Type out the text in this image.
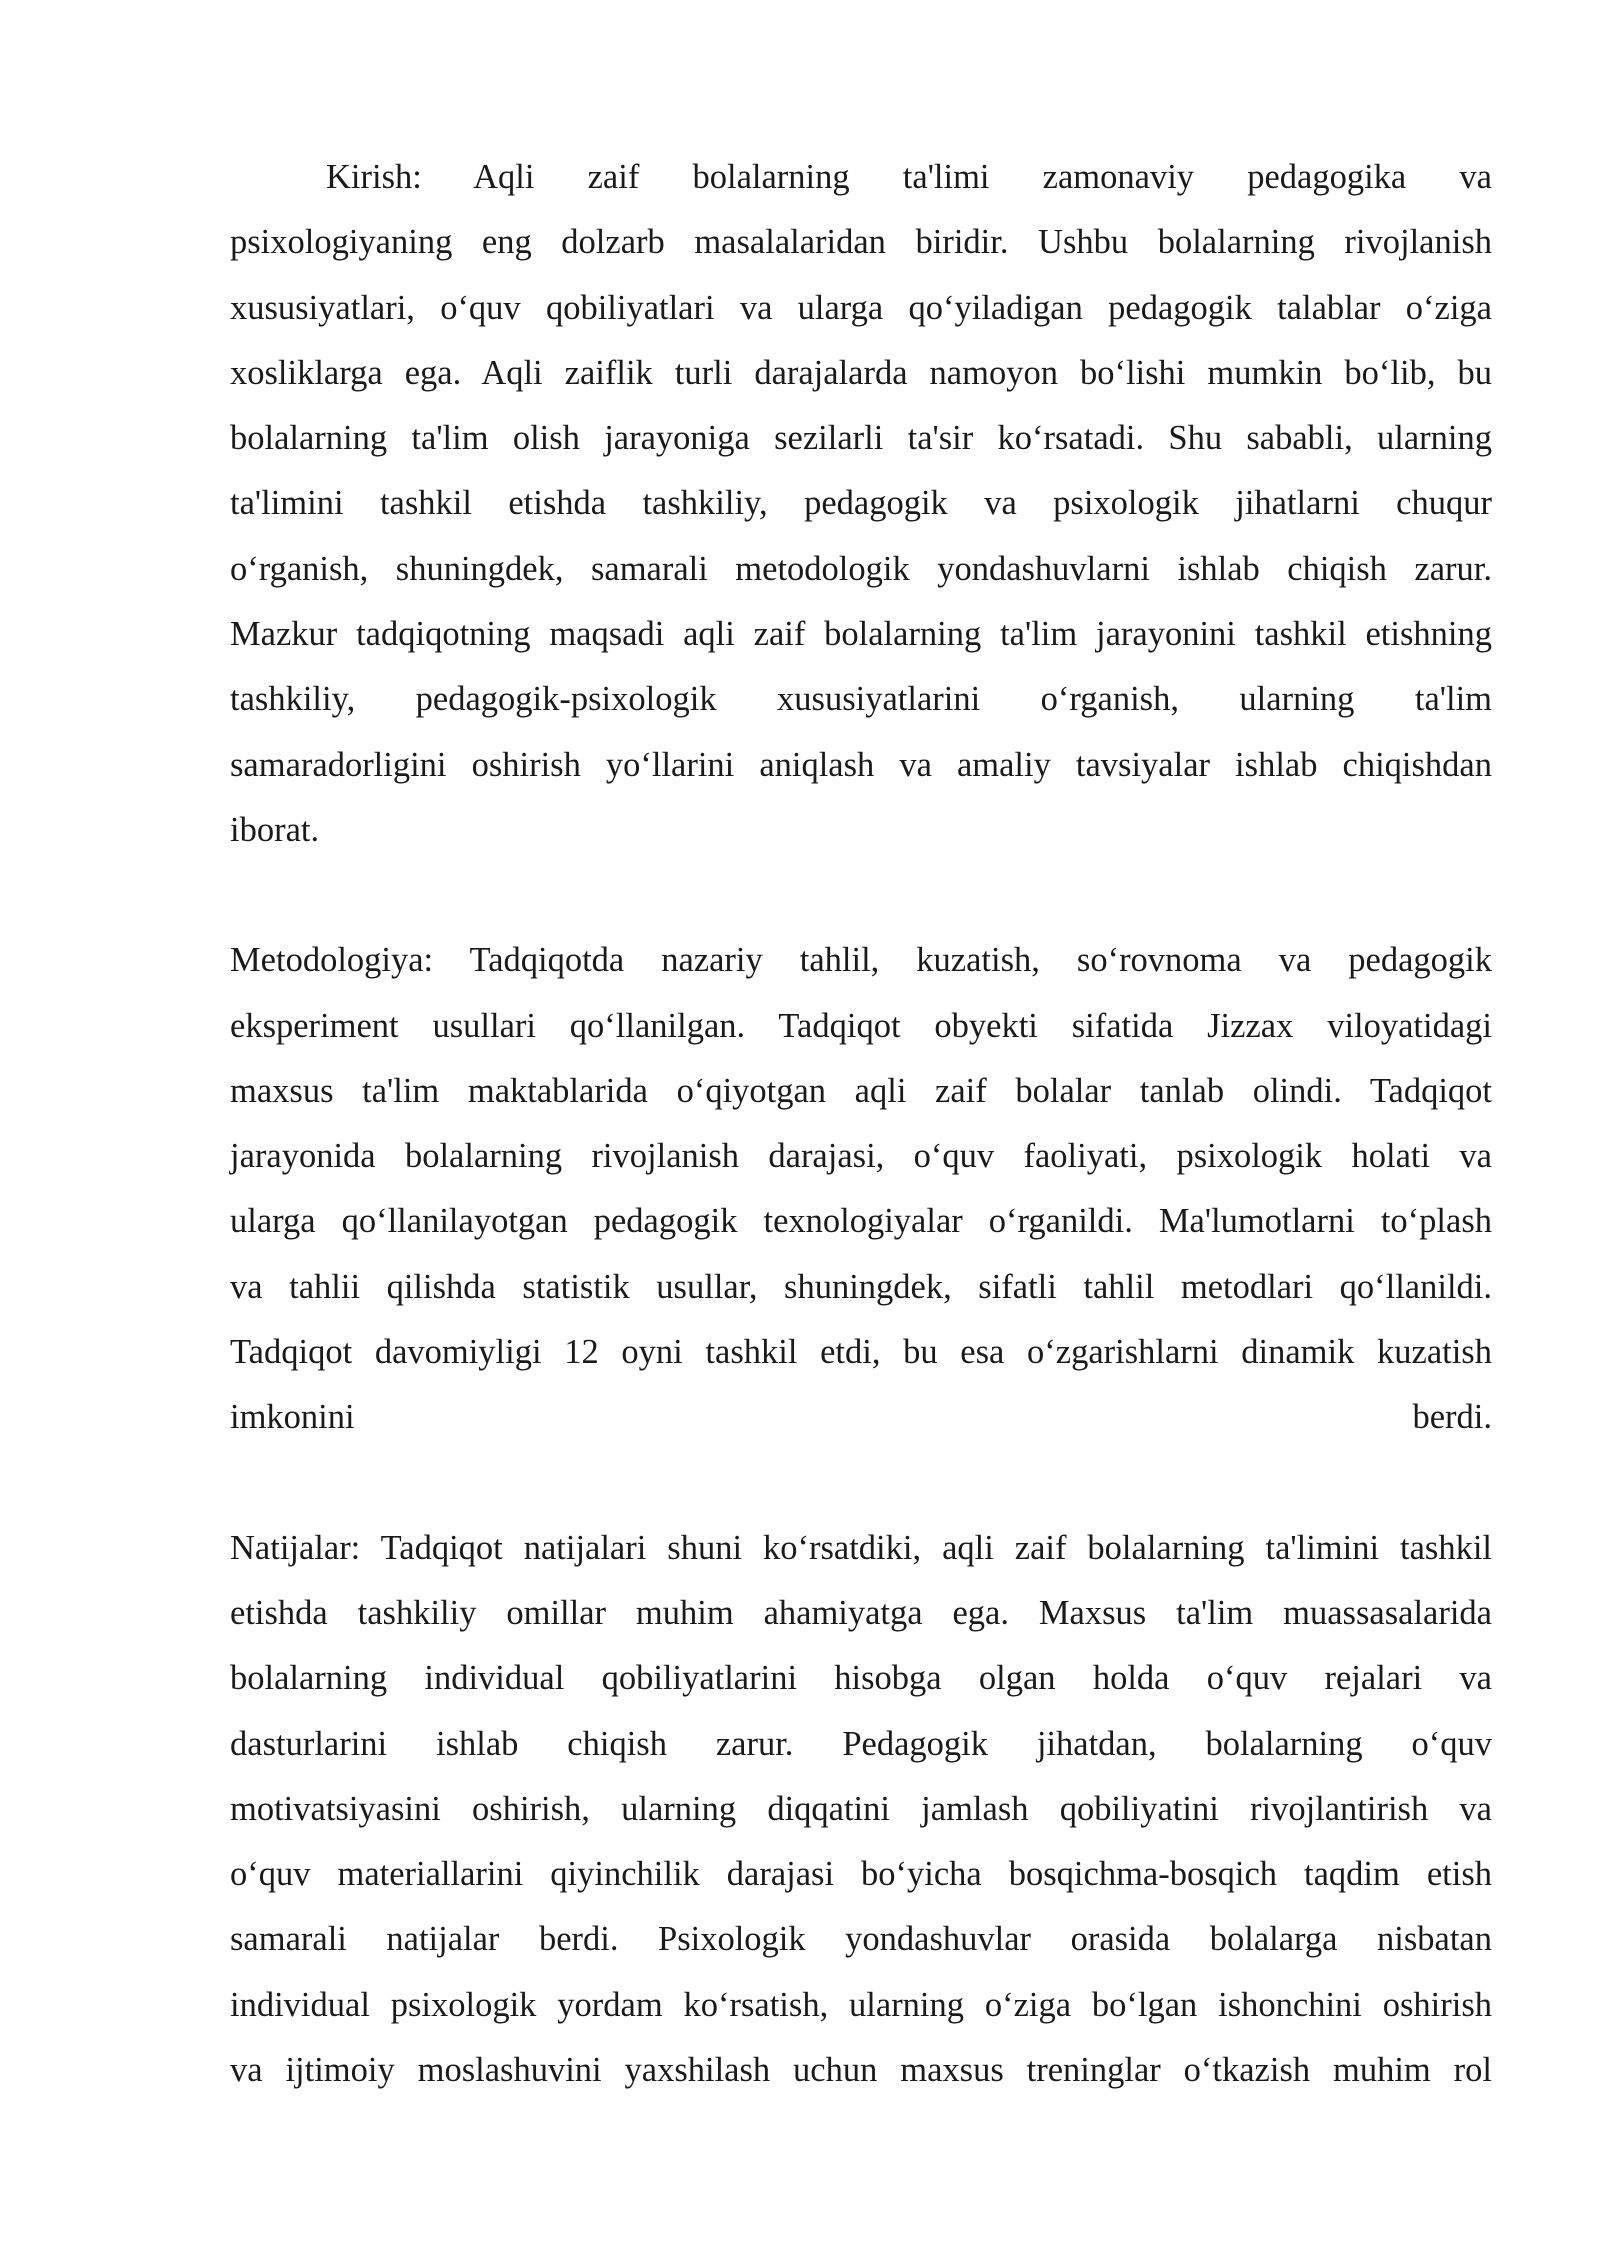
Kirish: Aqli zaif bolalarning ta'limi zamonaviy pedagogika va
psixologiyaning eng dolzarb masalalaridan biridir. Ushbu bolalarning rivojlanish
xususiyatlari, o‘quv qobiliyatlari va ularga qo‘yiladigan pedagogik talablar o‘ziga
xosliklarga ega. Aqli zaiflik turli darajalarda namoyon bo‘lishi mumkin bo‘lib, bu
bolalarning ta'lim olish jarayoniga sezilarli ta'sir ko‘rsatadi. Shu sababli, ularning
ta'limini tashkil etishda tashkiliy, pedagogik va psixologik jihatlarni chuqur
o‘rganish, shuningdek, samarali metodologik yondashuvlarni ishlab chiqish zarur.
Mazkur tadqiqotning maqsadi aqli zaif bolalarning ta'lim jarayonini tashkil etishning
tashkiliy, pedagogik-psixologik xususiyatlarini o‘rganish, ularning ta'lim
samaradorligini oshirish yo‘llarini aniqlash va amaliy tavsiyalar ishlab chiqishdan
iborat.
Metodologiya: Tadqiqotda nazariy tahlil, kuzatish, so‘rovnoma va pedagogik
eksperiment usullari qo‘llanilgan. Tadqiqot obyekti sifatida Jizzax viloyatidagi
maxsus ta'lim maktablarida o‘qiyotgan aqli zaif bolalar tanlab olindi. Tadqiqot
jarayonida bolalarning rivojlanish darajasi, o‘quv faoliyati, psixologik holati va
ularga qo‘llanilayotgan pedagogik texnologiyalar o‘rganildi. Ma'lumotlarni to‘plash
va tahlii qilishda statistik usullar, shuningdek, sifatli tahlil metodlari qo‘llanildi.
Tadqiqot davomiyligi 12 oyni tashkil etdi, bu esa o‘zgarishlarni dinamik kuzatish
imkonini berdi.
Natijalar: Tadqiqot natijalari shuni ko‘rsatdiki, aqli zaif bolalarning ta'limini tashkil
etishda tashkiliy omillar muhim ahamiyatga ega. Maxsus ta'lim muassasalarida
bolalarning individual qobiliyatlarini hisobga olgan holda o‘quv rejalari va
dasturlarini ishlab chiqish zarur. Pedagogik jihatdan, bolalarning o‘quv
motivatsiyasini oshirish, ularning diqqatini jamlash qobiliyatini rivojlantirish va
o‘quv materiallarini qiyinchilik darajasi bo‘yicha bosqichma-bosqich taqdim etish
samarali natijalar berdi. Psixologik yondashuvlar orasida bolalarga nisbatan
individual psixologik yordam ko‘rsatish, ularning o‘ziga bo‘lgan ishonchini oshirish
va ijtimoiy moslashuvini yaxshilash uchun maxsus treninglar o‘tkazish muhim rol
